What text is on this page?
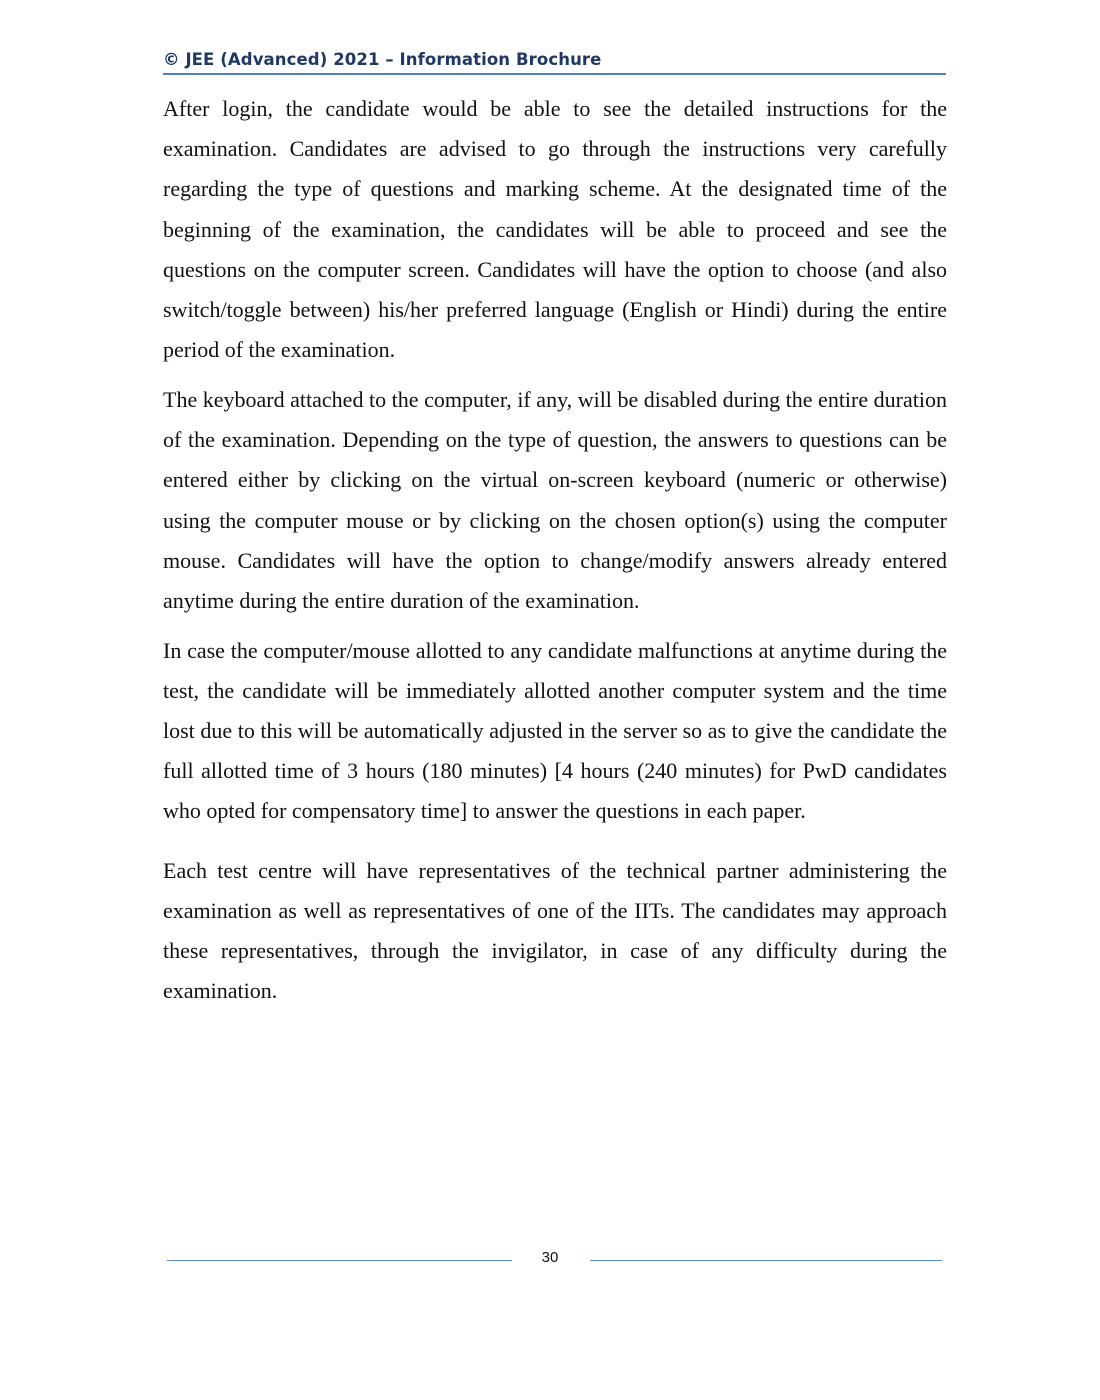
© JEE (Advanced) 2021 – Information Brochure

After login, the candidate would be able to see the detailed instructions for the examination. Candidates are advised to go through the instructions very carefully regarding the type of questions and marking scheme. At the designated time of the beginning of the examination, the candidates will be able to proceed and see the questions on the computer screen. Candidates will have the option to choose (and also switch/toggle between) his/her preferred language (English or Hindi) during the entire period of the examination.

The keyboard attached to the computer, if any, will be disabled during the entire duration of the examination. Depending on the type of question, the answers to questions can be entered either by clicking on the virtual on-screen keyboard (numeric or otherwise) using the computer mouse or by clicking on the chosen option(s) using the computer mouse. Candidates will have the option to change/modify answers already entered anytime during the entire duration of the examination.

In case the computer/mouse allotted to any candidate malfunctions at anytime during the test, the candidate will be immediately allotted another computer system and the time lost due to this will be automatically adjusted in the server so as to give the candidate the full allotted time of 3 hours (180 minutes) [4 hours (240 minutes) for PwD candidates who opted for compensatory time] to answer the questions in each paper.

Each test centre will have representatives of the technical partner administering the examination as well as representatives of one of the IITs. The candidates may approach these representatives, through the invigilator, in case of any difficulty during the examination.

30
